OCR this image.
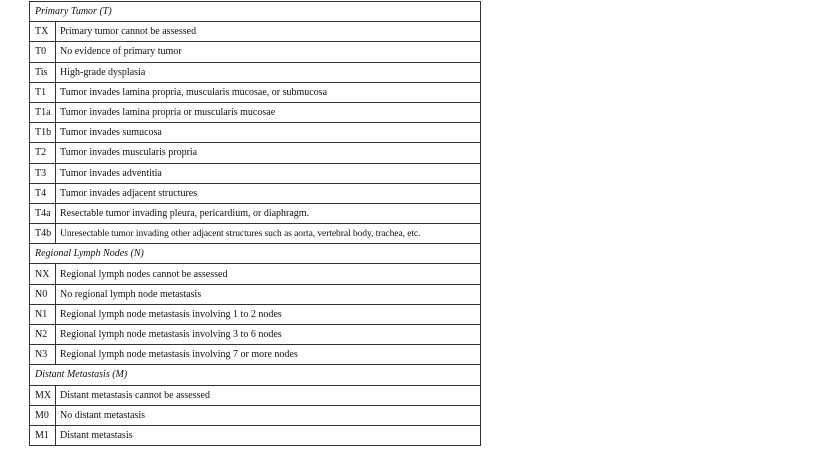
Primary Tumor (T)	
TX	Primary tumor cannot be assessed
T0	No evidence of primary tumor
Tis	High-grade dysplasia
T1	Tumor invades lamina propria, muscularis mucosae, or submucosa
T1a	Tumor invades lamina propria or muscularis mucosae
T1b	Tumor invades sumucosa
T2	Tumor invades muscularis propria
T3	Tumor invades adventitia
T4	Tumor invades adjacent structures
T4a	Resectable tumor invading pleura, pericardium, or diaphragm.
T4b	Unresectable tumor invading other adjacent structures such as aorta, vertebral body, trachea, etc.
Regional Lymph Nodes (N)	
NX	Regional lymph nodes cannot be assessed
N0	No regional lymph node metastasis
N1	Regional lymph node metastasis involving 1 to 2 nodes
N2	Regional lymph node metastasis involving 3 to 6 nodes
N3	Regional lymph node metastasis involving 7 or more nodes
Distant Metastasis (M)	
MX	Distant metastasis cannot be assessed
M0	No distant metastasis
M1	Distant metastasis
